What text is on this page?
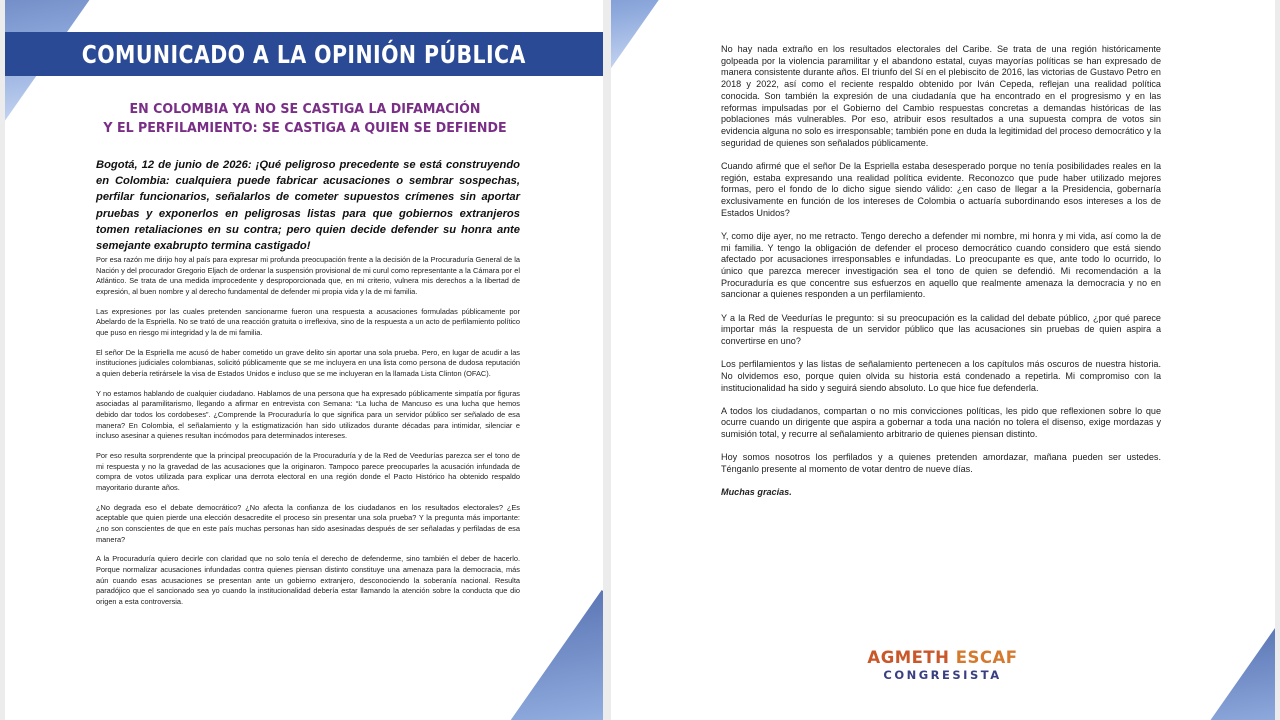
COMUNICADO A LA OPINIÓN PÚBLICA
EN COLOMBIA YA NO SE CASTIGA LA DIFAMACIÓN
Y EL PERFILAMIENTO: SE CASTIGA A QUIEN SE DEFIENDE
Bogotá, 12 de junio de 2026: ¡Qué peligroso precedente se está construyendo en Colombia: cualquiera puede fabricar acusaciones o sembrar sospechas, perfilar funcionarios, señalarlos de cometer supuestos crímenes sin aportar pruebas y exponerlos en peligrosas listas para que gobiernos extranjeros tomen retaliaciones en su contra; pero quien decide defender su honra ante semejante exabrupto termina castigado!

Por esa razón me dirijo hoy al país para expresar mi profunda preocupación frente a la decisión de la Procuraduría General de la Nación y del procurador Gregorio Eljach de ordenar la suspensión provisional de mi curul como representante a la Cámara por el Atlántico. Se trata de una medida improcedente y desproporcionada que, en mi criterio, vulnera mis derechos a la libertad de expresión, al buen nombre y al derecho fundamental de defender mi propia vida y la de mi familia.

Las expresiones por las cuales pretenden sancionarme fueron una respuesta a acusaciones formuladas públicamente por Abelardo de la Espriella. No se trató de una reacción gratuita o irreflexiva, sino de la respuesta a un acto de perfilamiento político que puso en riesgo mi integridad y la de mi familia.

El señor De la Espriella me acusó de haber cometido un grave delito sin aportar una sola prueba. Pero, en lugar de acudir a las instituciones judiciales colombianas, solicitó públicamente que se me incluyera en una lista como persona de dudosa reputación a quien debería retirársele la visa de Estados Unidos e incluso que se me incluyeran en la llamada Lista Clinton (OFAC).

Y no estamos hablando de cualquier ciudadano. Hablamos de una persona que ha expresado públicamente simpatía por figuras asociadas al paramilitarismo, llegando a afirmar en entrevista con Semana: “La lucha de Mancuso es una lucha que hemos debido dar todos los cordobeses”. ¿Comprende la Procuraduría lo que significa para un servidor público ser señalado de esa manera? En Colombia, el señalamiento y la estigmatización han sido utilizados durante décadas para intimidar, silenciar e incluso asesinar a quienes resultan incómodos para determinados intereses.

Por eso resulta sorprendente que la principal preocupación de la Procuraduría y de la Red de Veedurías parezca ser el tono de mi respuesta y no la gravedad de las acusaciones que la originaron. Tampoco parece preocuparles la acusación infundada de compra de votos utilizada para explicar una derrota electoral en una región donde el Pacto Histórico ha obtenido respaldo mayoritario durante años.

¿No degrada eso el debate democrático? ¿No afecta la confianza de los ciudadanos en los resultados electorales? ¿Es aceptable que quien pierde una elección desacredite el proceso sin presentar una sola prueba? Y la pregunta más importante: ¿no son conscientes de que en este país muchas personas han sido asesinadas después de ser señaladas y perfiladas de esa manera?

A la Procuraduría quiero decirle con claridad que no solo tenía el derecho de defenderme, sino también el deber de hacerlo. Porque normalizar acusaciones infundadas contra quienes piensan distinto constituye una amenaza para la democracia, más aún cuando esas acusaciones se presentan ante un gobierno extranjero, desconociendo la soberanía nacional. Resulta paradójico que el sancionado sea yo cuando la institucionalidad debería estar llamando la atención sobre la conducta que dio origen a esta controversia.

No hay nada extraño en los resultados electorales del Caribe. Se trata de una región históricamente golpeada por la violencia paramilitar y el abandono estatal, cuyas mayorías políticas se han expresado de manera consistente durante años. El triunfo del Sí en el plebiscito de 2016, las victorias de Gustavo Petro en 2018 y 2022, así como el reciente respaldo obtenido por Iván Cepeda, reflejan una realidad política conocida. Son también la expresión de una ciudadanía que ha encontrado en el progresismo y en las reformas impulsadas por el Gobierno del Cambio respuestas concretas a demandas históricas de las poblaciones más vulnerables. Por eso, atribuir esos resultados a una supuesta compra de votos sin evidencia alguna no solo es irresponsable; también pone en duda la legitimidad del proceso democrático y la seguridad de quienes son señalados públicamente.

Cuando afirmé que el señor De la Espriella estaba desesperado porque no tenía posibilidades reales en la región, estaba expresando una realidad política evidente. Reconozco que pude haber utilizado mejores formas, pero el fondo de lo dicho sigue siendo válido: ¿en caso de llegar a la Presidencia, gobernaría exclusivamente en función de los intereses de Colombia o actuaría subordinando esos intereses a los de Estados Unidos?

Y, como dije ayer, no me retracto. Tengo derecho a defender mi nombre, mi honra y mi vida, así como la de mi familia. Y tengo la obligación de defender el proceso democrático cuando considero que está siendo afectado por acusaciones irresponsables e infundadas. Lo preocupante es que, ante todo lo ocurrido, lo único que parezca merecer investigación sea el tono de quien se defendió. Mi recomendación a la Procuraduría es que concentre sus esfuerzos en aquello que realmente amenaza la democracia y no en sancionar a quienes responden a un perfilamiento.

Y a la Red de Veedurías le pregunto: si su preocupación es la calidad del debate público, ¿por qué parece importar más la respuesta de un servidor público que las acusaciones sin pruebas de quien aspira a convertirse en uno?

Los perfilamientos y las listas de señalamiento pertenecen a los capítulos más oscuros de nuestra historia. No olvidemos eso, porque quien olvida su historia está condenado a repetirla. Mi compromiso con la institucionalidad ha sido y seguirá siendo absoluto. Lo que hice fue defenderla.

A todos los ciudadanos, compartan o no mis convicciones políticas, les pido que reflexionen sobre lo que ocurre cuando un dirigente que aspira a gobernar a toda una nación no tolera el disenso, exige mordazas y sumisión total, y recurre al señalamiento arbitrario de quienes piensan distinto.

Hoy somos nosotros los perfilados y a quienes pretenden amordazar, mañana pueden ser ustedes. Ténganlo presente al momento de votar dentro de nueve días.

Muchas gracias.

AGMETH ESCAF
CONGRESISTA
